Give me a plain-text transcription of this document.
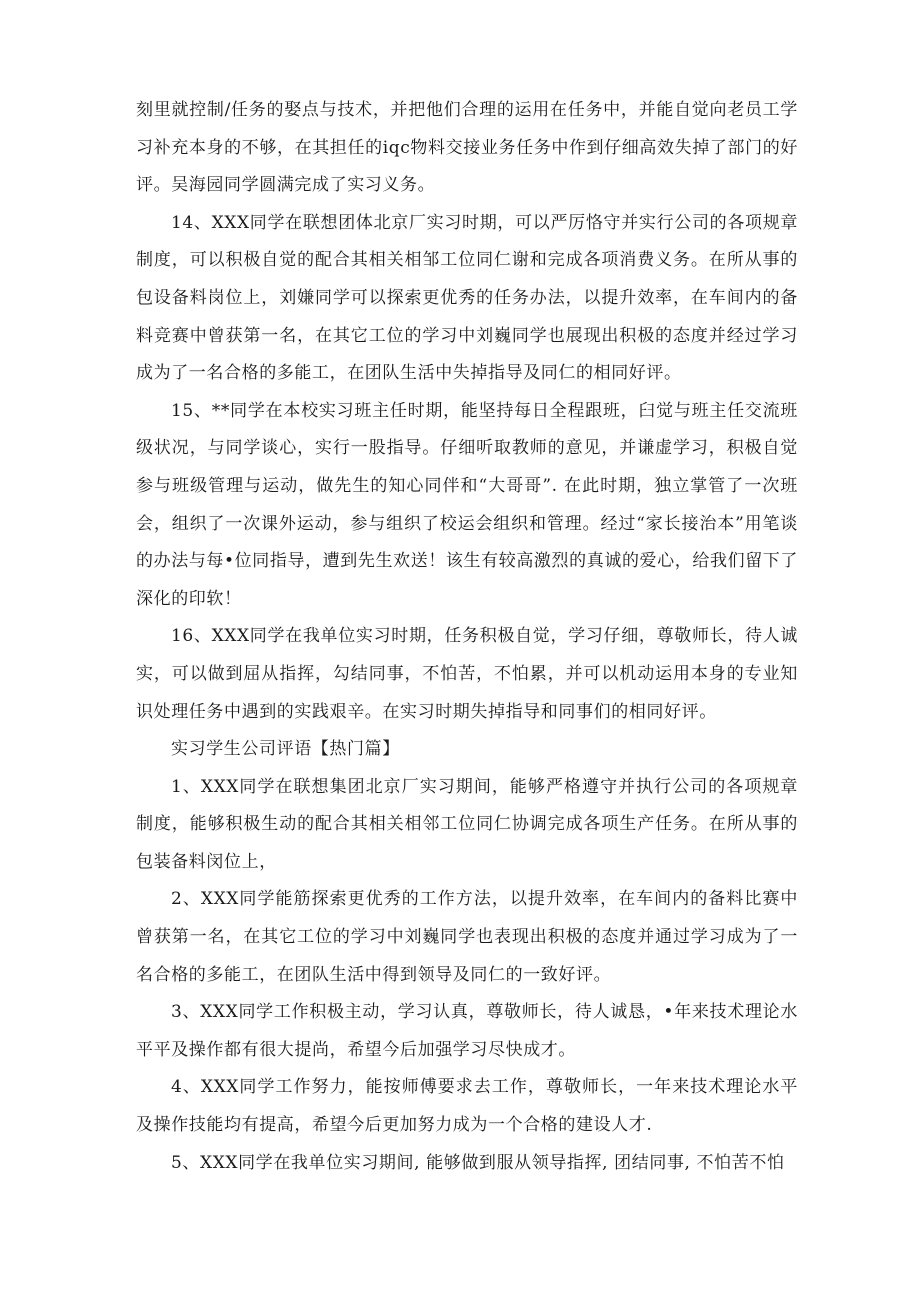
刻里就控制/任务的娶点与技术，并把他们合理的运用在任务中，并能自觉向老员工学习补充本身的不够，在其担任的iqc物料交接业务任务中作到仔细高效失掉了部门的好评。吴海园同学圆满完成了实习义务。

14、XXX同学在联想团体北京厂实习时期，可以严厉恪守并实行公司的各项规章制度，可以积极自觉的配合其相关相邹工位同仁谢和完成各项消费义务。在所从事的包设备料岗位上，刘嫌同学可以探索更优秀的任务办法，以提升效率，在车间内的备料竞赛中曾获第一名，在其它工位的学习中刘巍同学也展现出积极的态度并经过学习成为了一名合格的多能工，在团队生活中失掉指导及同仁的相同好评。

15、**同学在本校实习班主任时期，能坚持每日全程跟班，臼觉与班主任交流班级状况，与同学谈心，实行一股指导。仔细听取教师的意见，并谦虚学习，积极自觉参与班级管理与运动，做先生的知心同伴和“大哥哥”. 在此时期，独立掌管了一次班会，组织了一次课外运动，参与组织了校运会组织和管理。经过“家长接治本”用笔谈的办法与每•位同指导，遭到先生欢送！该生有较高激烈的真诚的爱心，给我们留下了深化的印软！

16、XXX同学在我单位实习时期，任务积极自觉，学习仔细，尊敬师长，待人诚实，可以做到屈从指挥，勾结同事，不怕苦，不怕累，并可以机动运用本身的专业知识处理任务中遇到的实践艰辛。在实习时期失掉指导和同事们的相同好评。

实习学生公司评语【热门篇】

1、XXX同学在联想集团北京厂实习期间，能够严格遵守并执行公司的各项规章制度，能够积极生动的配合其相关相邻工位同仁协调完成各项生产任务。在所从事的包装备料闵位上，

2、XXX同学能筋探索更优秀的工作方法，以提升效率，在车间内的备料比赛中曾获第一名，在其它工位的学习中刘巍同学也表现出积极的态度并通过学习成为了一名合格的多能工，在团队生活中得到领导及同仁的一致好评。

3、XXX同学工作积极主动，学习认真，尊敬师长，待人诚恳，•年来技术理论水平平及操作都有很大提尚，希望今后加强学习尽快成才。

4、XXX同学工作努力，能按师傅要求去工作，尊敬师长，一年来技术理论水平及操作技能均有提高，希望今后更加努力成为一个合格的建设人才.

5、XXX同学在我单位实习期间, 能够做到服从领导指挥, 团结同事, 不怕苦不怕
